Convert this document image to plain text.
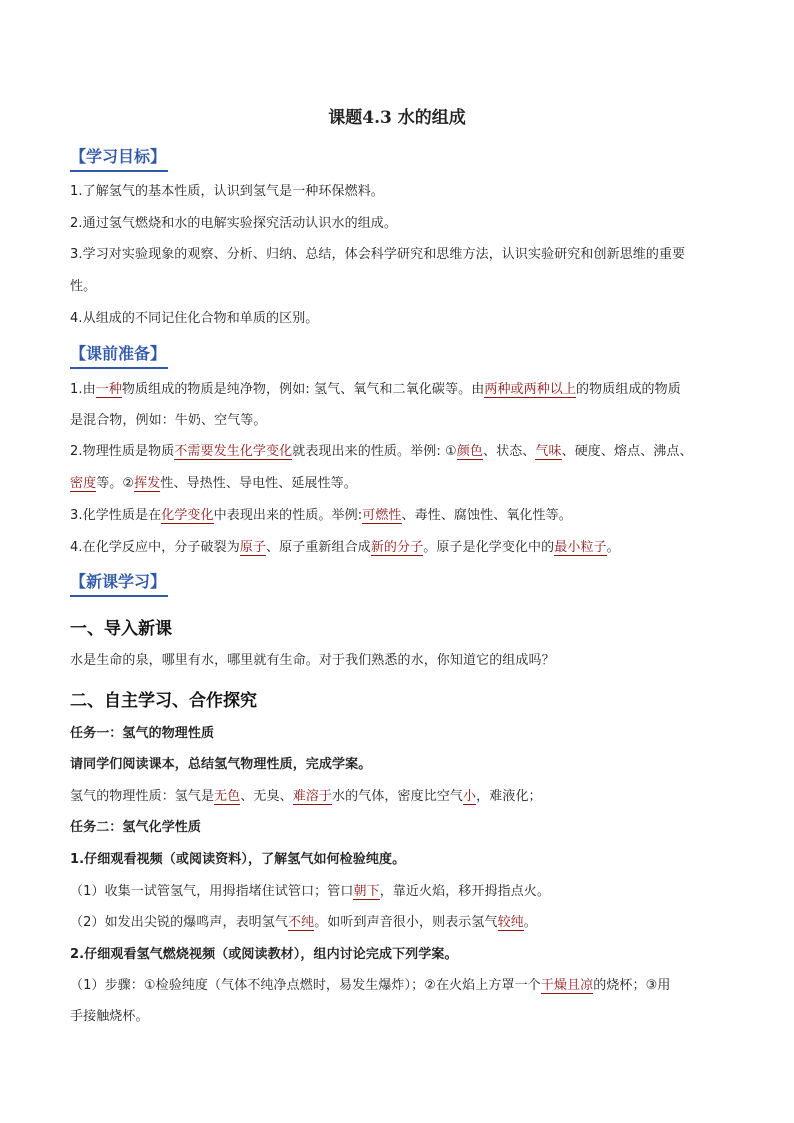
课题4.3 水的组成
【学习目标】
1.了解氢气的基本性质，认识到氢气是一种环保燃料。
2.通过氢气燃烧和水的电解实验探究活动认识水的组成。
3.学习对实验现象的观察、分析、归纳、总结，体会科学研究和思维方法，认识实验研究和创新思维的重要
性。
4.从组成的不同记住化合物和单质的区别。
【课前准备】
1.由一种物质组成的物质是纯净物，例如: 氢气、氧气和二氧化碳等。由两种或两种以上的物质组成的物质
是混合物，例如：牛奶、空气等。
2.物理性质是物质不需要发生化学变化就表现出来的性质。举例: ①颜色、状态、气味、硬度、熔点、沸点、
密度等。②挥发性、导热性、导电性、延展性等。
3.化学性质是在化学变化中表现出来的性质。举例:可燃性、毒性、腐蚀性、氧化性等。
4.在化学反应中，分子破裂为原子、原子重新组合成新的分子。原子是化学变化中的最小粒子。
【新课学习】
一、导入新课
水是生命的泉，哪里有水，哪里就有生命。对于我们熟悉的水，你知道它的组成吗？
二、自主学习、合作探究
任务一：氢气的物理性质
请同学们阅读课本，总结氢气物理性质，完成学案。
氢气的物理性质：氢气是无色、无臭、难溶于水的气体，密度比空气小，难液化；
任务二：氢气化学性质
1.仔细观看视频（或阅读资料），了解氢气如何检验纯度。
（1）收集一试管氢气，用拇指堵住试管口；管口朝下，靠近火焰，移开拇指点火。
（2）如发出尖锐的爆鸣声，表明氢气不纯。如听到声音很小，则表示氢气较纯。
2.仔细观看氢气燃烧视频（或阅读教材），组内讨论完成下列学案。
（1）步骤：①检验纯度（气体不纯净点燃时，易发生爆炸）；②在火焰上方罩一个干燥且凉的烧杯；③用
手接触烧杯。
